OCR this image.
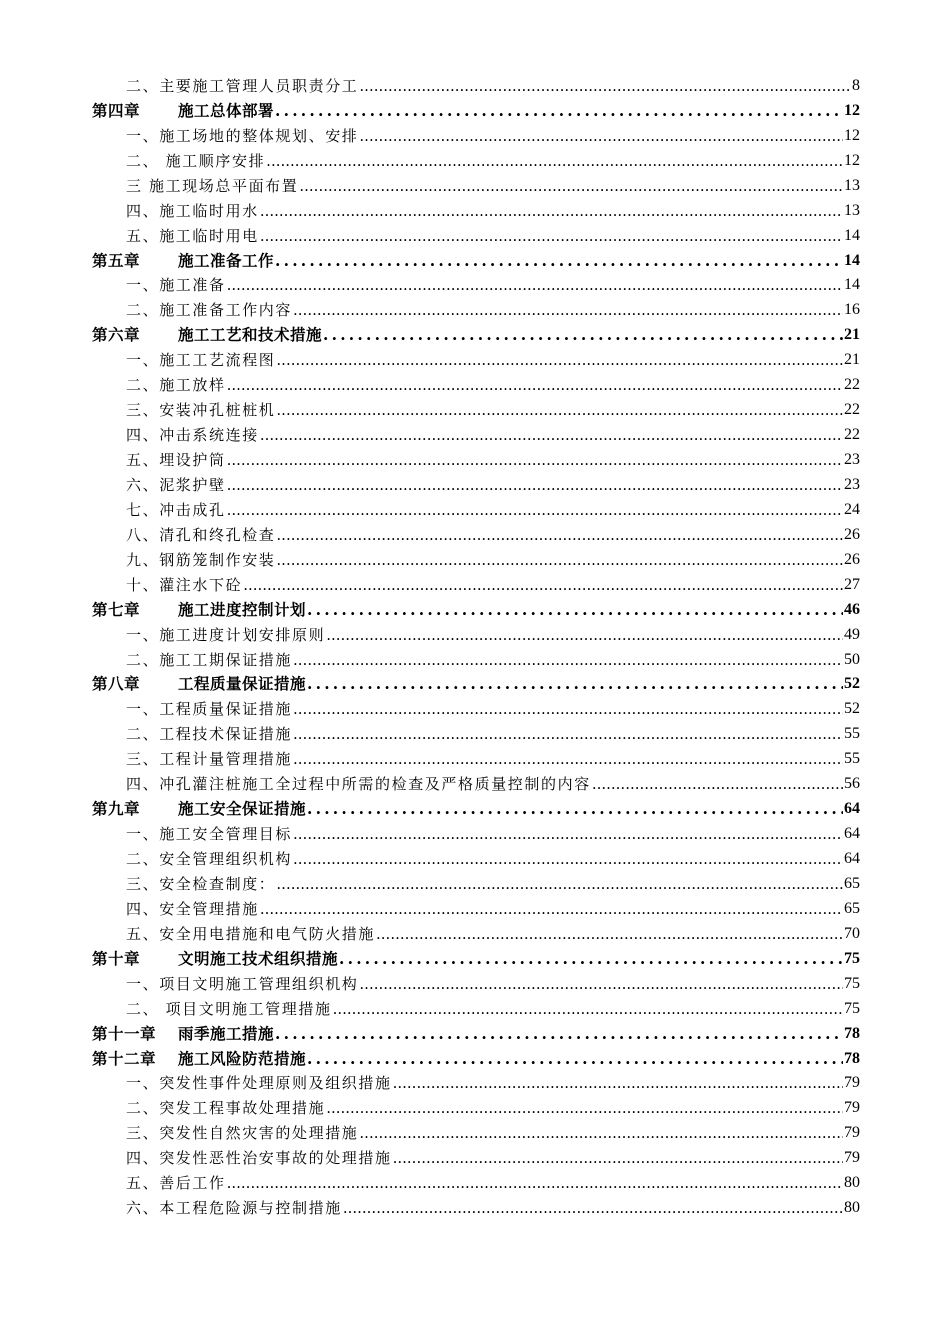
二、主要施工管理人员职责分工 .....	8
第四章 施工总体部署 .....	12
一、施工场地的整体规划、安排 .....	12
二、 施工顺序安排 .....	12
三 施工现场总平面布置 .....	13
四、施工临时用水 .....	13
五、施工临时用电 .....	14
第五章 施工准备工作 .....	14
一、施工准备 .....	14
二、施工准备工作内容 .....	16
第六章 施工工艺和技术措施 .....	21
一、施工工艺流程图 .....	21
二、施工放样 .....	22
三、安装冲孔桩桩机 .....	22
四、冲击系统连接 .....	22
五、埋设护筒 .....	23
六、泥浆护壁 .....	23
七、冲击成孔 .....	24
八、清孔和终孔检查 .....	26
九、钢筋笼制作安装 .....	26
十、灌注水下砼 .....	27
第七章 施工进度控制计划 .....	46
一、施工进度计划安排原则 .....	49
二、施工工期保证措施 .....	50
第八章 工程质量保证措施 .....	52
一、工程质量保证措施 .....	52
二、工程技术保证措施 .....	55
三、工程计量管理措施 .....	55
四、冲孔灌注桩施工全过程中所需的检查及严格质量控制的内容 .....	56
第九章 施工安全保证措施 .....	64
一、施工安全管理目标 .....	64
二、安全管理组织机构 .....	64
三、安全检查制度： .....	65
四、安全管理措施 .....	65
五、安全用电措施和电气防火措施 .....	70
第十章 文明施工技术组织措施 .....	75
一、项目文明施工管理组织机构 .....	75
二、 项目文明施工管理措施 .....	75
第十一章 雨季施工措施 .....	78
第十二章 施工风险防范措施 .....	78
一、突发性事件处理原则及组织措施 .....	79
二、突发工程事故处理措施 .....	79
三、突发性自然灾害的处理措施 .....	79
四、突发性恶性治安事故的处理措施 .....	79
五、善后工作 .....	80
六、本工程危险源与控制措施 .....	80
